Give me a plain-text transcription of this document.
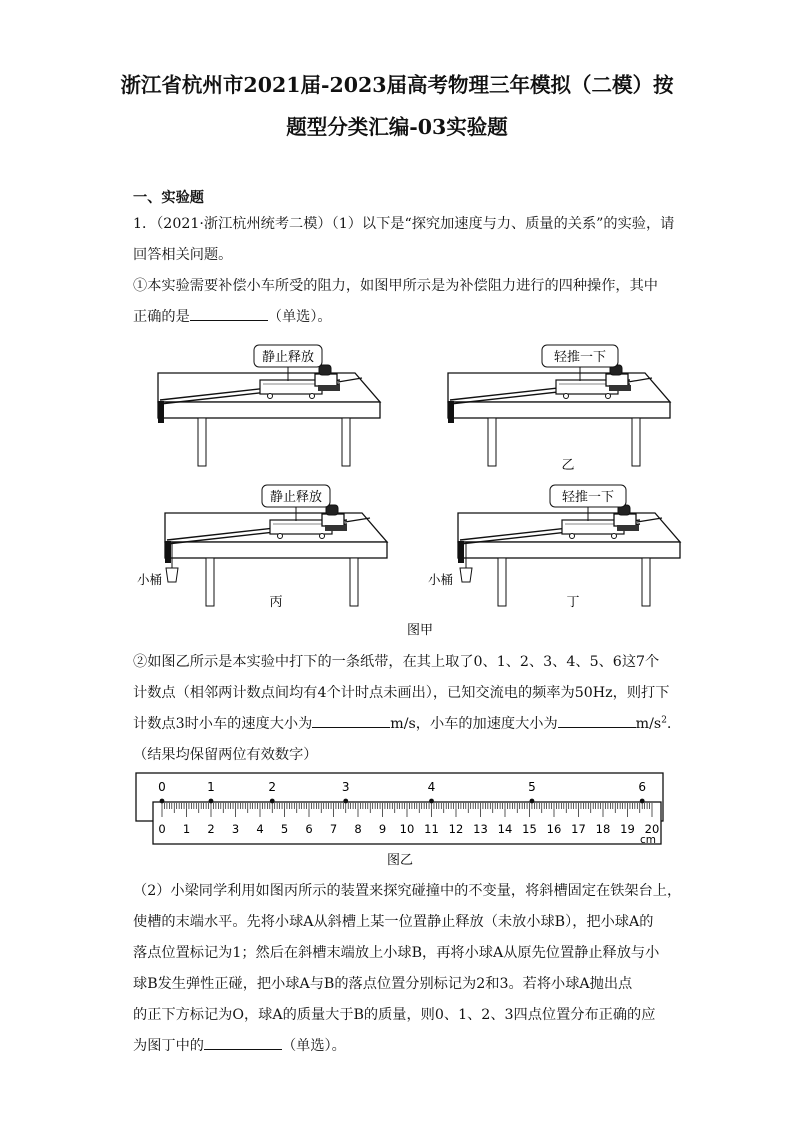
浙江省杭州市2021届-2023届高考物理三年模拟（二模）按
题型分类汇编-03实验题
一、实验题
1．（2021·浙江杭州统考二模）（1）以下是“探究加速度与力、质量的关系”的实验，请
回答相关问题。
①本实验需要补偿小车所受的阻力，如图甲所示是为补偿阻力进行的四种操作，其中
正确的是	（单选）。
静止释放	轻推一下
乙
小桶
静止释放
丙
小桶
轻推一下
丁
图甲
②如图乙所示是本实验中打下的一条纸带，在其上取了0、1、2、3、4、5、6这7个
计数点（相邻两计数点间均有4个计时点未画出），已知交流电的频率为50Hz，则打下
计数点3时小车的速度大小为	m/s，小车的加速度大小为	$m/s^2$.
（结果均保留两位有效数字）
0	1	2	3	4	5	6
0 1 2 3 4 5 6 7 8 9 10 11 12 13 14 15 16 17 18 19 20
cm
图乙
（2）小梁同学利用如图丙所示的装置来探究碰撞中的不变量，将斜槽固定在铁架台上，
使槽的末端水平。先将小球A从斜槽上某一位置静止释放（未放小球B），把小球A的
落点位置标记为1；然后在斜槽末端放上小球B，再将小球A从原先位置静止释放与小
球B发生弹性正碰，把小球A与B的落点位置分别标记为2和3。若将小球A抛出点
的正下方标记为O，球A的质量大于B的质量，则0、1、2、3四点位置分布正确的应
为图丁中的	（单选）。
